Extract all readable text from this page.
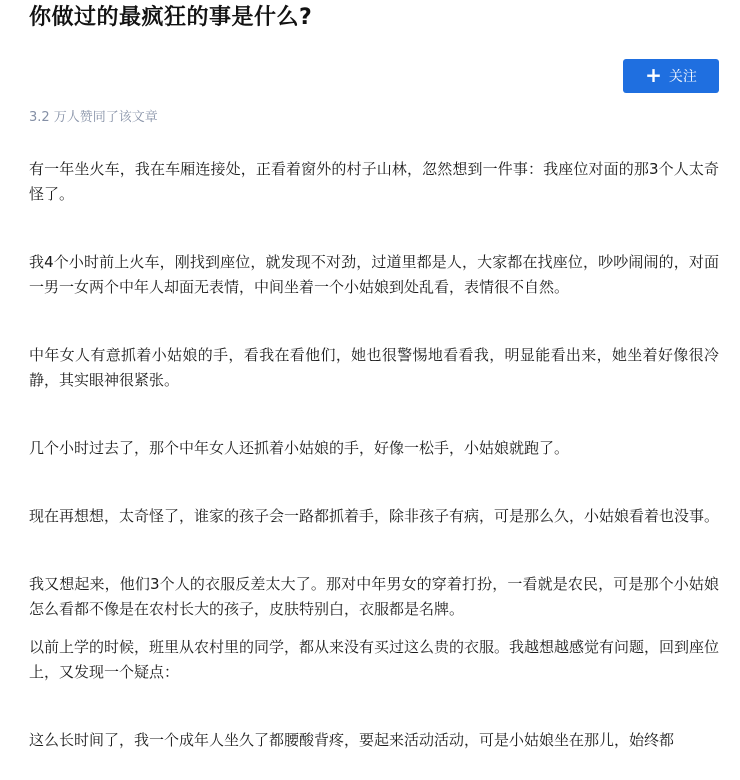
你做过的最疯狂的事是什么?
+ 关注
3.2 万人赞同了该文章

有一年坐火车，我在车厢连接处，正看着窗外的村子山林，忽然想到一件事：我座位对面的那3个人太奇怪了。

我4个小时前上火车，刚找到座位，就发现不对劲，过道里都是人，大家都在找座位，吵吵闹闹的，对面一男一女两个中年人却面无表情，中间坐着一个小姑娘到处乱看，表情很不自然。

中年女人有意抓着小姑娘的手，看我在看他们，她也很警惕地看看我，明显能看出来，她坐着好像很冷静，其实眼神很紧张。

几个小时过去了，那个中年女人还抓着小姑娘的手，好像一松手，小姑娘就跑了。

现在再想想，太奇怪了，谁家的孩子会一路都抓着手，除非孩子有病，可是那么久，小姑娘看着也没事。

我又想起来，他们3个人的衣服反差太大了。那对中年男女的穿着打扮，一看就是农民，可是那个小姑娘怎么看都不像是在农村长大的孩子，皮肤特别白，衣服都是名牌。

以前上学的时候，班里从农村里的同学，都从来没有买过这么贵的衣服。我越想越感觉有问题，回到座位上，又发现一个疑点：

这么长时间了，我一个成年人坐久了都腰酸背疼，要起来活动活动，可是小姑娘坐在那儿，始终都
